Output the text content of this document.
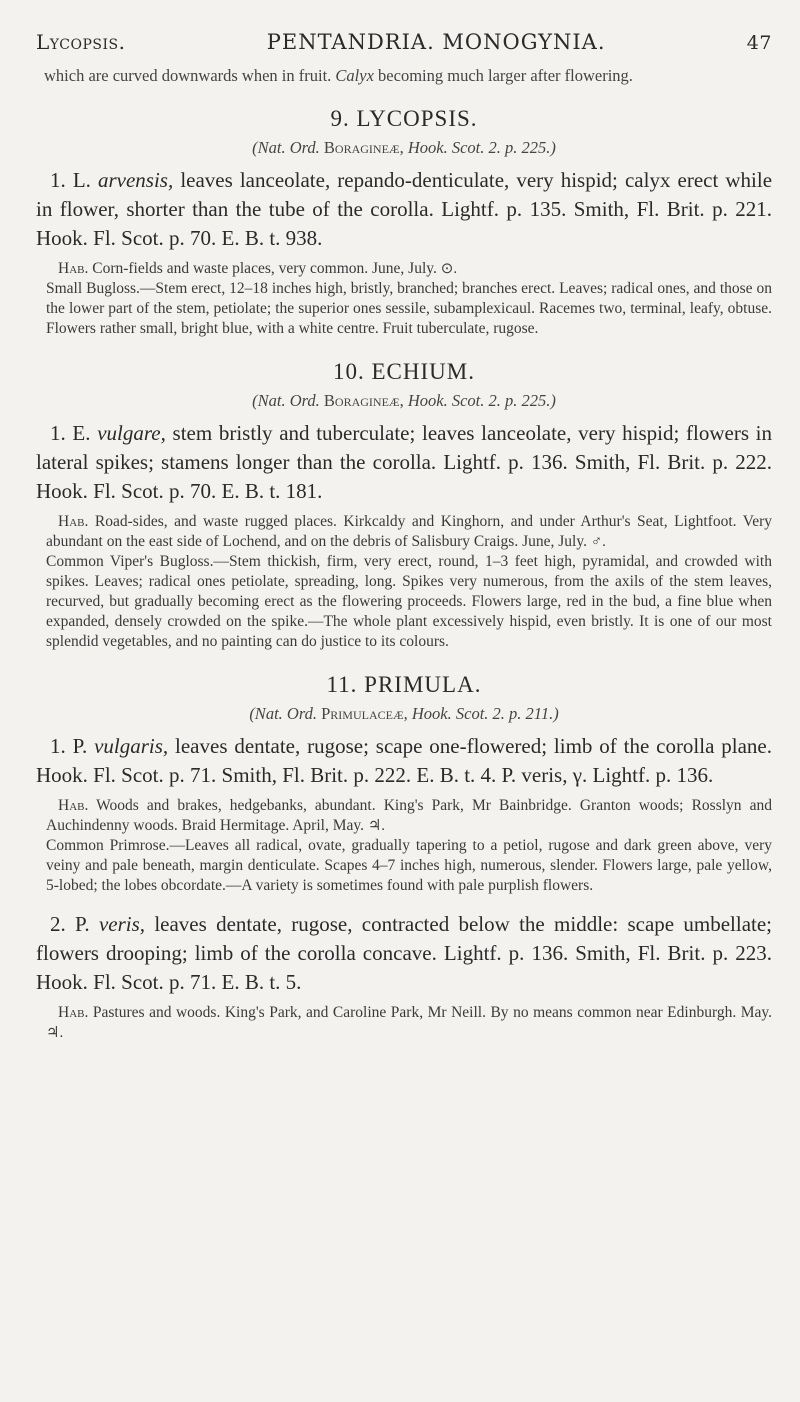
Lycopsis.	PENTANDRIA. MONOGYNIA.	47

which are curved downwards when in fruit. Calyx becoming much larger after flowering.

9. LYCOPSIS.
(Nat. Ord. Boragineæ, Hook. Scot. 2. p. 225.)

1. L. arvensis, leaves lanceolate, repando-denticulate, very hispid; calyx erect while in flower, shorter than the tube of the corolla. Lightf. p. 135. Smith, Fl. Brit. p. 221. Hook. Fl. Scot. p. 70. E. B. t. 938.

Hab. Corn-fields and waste places, very common. June, July. ⊙.

Small Bugloss.—Stem erect, 12–18 inches high, bristly, branched; branches erect. Leaves; radical ones, and those on the lower part of the stem, petiolate; the superior ones sessile, subamplexicaul. Racemes two, terminal, leafy, obtuse. Flowers rather small, bright blue, with a white centre. Fruit tuberculate, rugose.

10. ECHIUM.
(Nat. Ord. Boragineæ, Hook. Scot. 2. p. 225.)

1. E. vulgare, stem bristly and tuberculate; leaves lanceolate, very hispid; flowers in lateral spikes; stamens longer than the corolla. Lightf. p. 136. Smith, Fl. Brit. p. 222. Hook. Fl. Scot. p. 70. E. B. t. 181.

Hab. Road-sides, and waste rugged places. Kirkcaldy and Kinghorn, and under Arthur's Seat, Lightfoot. Very abundant on the east side of Lochend, and on the debris of Salisbury Craigs. June, July. ♂.

Common Viper's Bugloss.—Stem thickish, firm, very erect, round, 1–3 feet high, pyramidal, and crowded with spikes. Leaves; radical ones petiolate, spreading, long. Spikes very numerous, from the axils of the stem leaves, recurved, but gradually becoming erect as the flowering proceeds. Flowers large, red in the bud, a fine blue when expanded, densely crowded on the spike.—The whole plant excessively hispid, even bristly. It is one of our most splendid vegetables, and no painting can do justice to its colours.

11. PRIMULA.
(Nat. Ord. Primulaceæ, Hook. Scot. 2. p. 211.)

1. P. vulgaris, leaves dentate, rugose; scape one-flowered; limb of the corolla plane. Hook. Fl. Scot. p. 71. Smith, Fl. Brit. p. 222. E. B. t. 4. P. veris, γ. Lightf. p. 136.

Hab. Woods and brakes, hedgebanks, abundant. King's Park, Mr Bainbridge. Granton woods; Rosslyn and Auchindenny woods. Braid Hermitage. April, May. ♃.

Common Primrose.—Leaves all radical, ovate, gradually tapering to a petiol, rugose and dark green above, very veiny and pale beneath, margin denticulate. Scapes 4–7 inches high, numerous, slender. Flowers large, pale yellow, 5-lobed; the lobes obcordate.—A variety is sometimes found with pale purplish flowers.

2. P. veris, leaves dentate, rugose, contracted below the middle: scape umbellate; flowers drooping; limb of the corolla concave. Lightf. p. 136. Smith, Fl. Brit. p. 223. Hook. Fl. Scot. p. 71. E. B. t. 5.

Hab. Pastures and woods. King's Park, and Caroline Park, Mr Neill. By no means common near Edinburgh. May. ♃.
